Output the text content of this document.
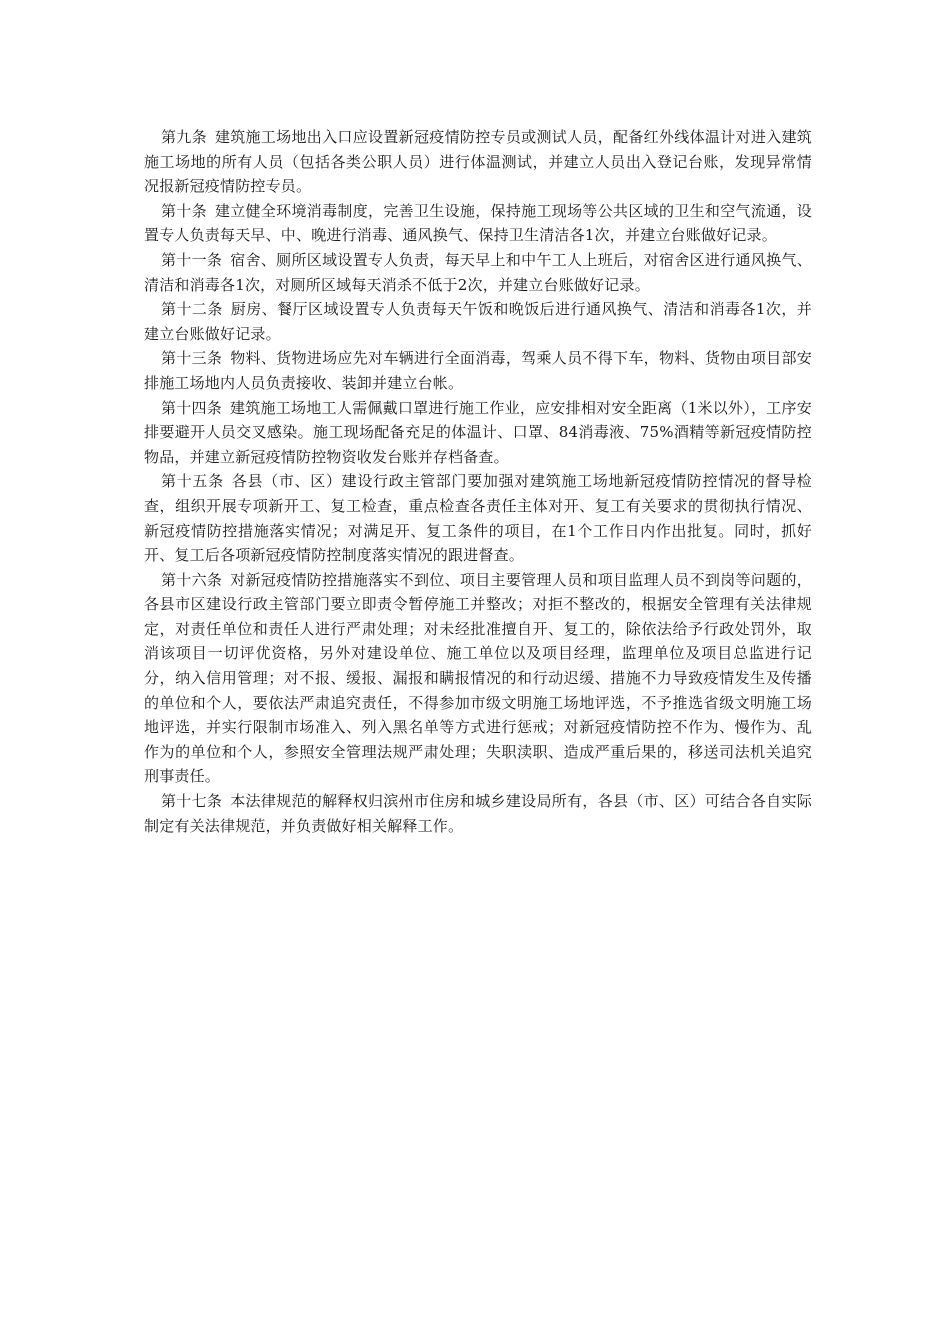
第九条 建筑施工场地出入口应设置新冠疫情防控专员或测试人员，配备红外线体温计对进入建筑施工场地的所有人员（包括各类公职人员）进行体温测试，并建立人员出入登记台账，发现异常情况报新冠疫情防控专员。

第十条 建立健全环境消毒制度，完善卫生设施，保持施工现场等公共区域的卫生和空气流通，设置专人负责每天早、中、晚进行消毒、通风换气、保持卫生清洁各1次，并建立台账做好记录。

第十一条 宿舍、厕所区域设置专人负责，每天早上和中午工人上班后，对宿舍区进行通风换气、清洁和消毒各1次，对厕所区域每天消杀不低于2次，并建立台账做好记录。

第十二条 厨房、餐厅区域设置专人负责每天午饭和晚饭后进行通风换气、清洁和消毒各1次，并建立台账做好记录。

第十三条 物料、货物进场应先对车辆进行全面消毒，驾乘人员不得下车，物料、货物由项目部安排施工场地内人员负责接收、装卸并建立台帐。

第十四条 建筑施工场地工人需佩戴口罩进行施工作业，应安排相对安全距离（1米以外），工序安排要避开人员交叉感染。施工现场配备充足的体温计、口罩、84消毒液、75%酒精等新冠疫情防控物品，并建立新冠疫情防控物资收发台账并存档备查。

第十五条 各县（市、区）建设行政主管部门要加强对建筑施工场地新冠疫情防控情况的督导检查，组织开展专项新开工、复工检查，重点检查各责任主体对开、复工有关要求的贯彻执行情况、新冠疫情防控措施落实情况；对满足开、复工条件的项目，在1个工作日内作出批复。同时，抓好开、复工后各项新冠疫情防控制度落实情况的跟进督查。

第十六条 对新冠疫情防控措施落实不到位、项目主要管理人员和项目监理人员不到岗等问题的，各县市区建设行政主管部门要立即责令暂停施工并整改；对拒不整改的，根据安全管理有关法律规定，对责任单位和责任人进行严肃处理；对未经批准擅自开、复工的，除依法给予行政处罚外，取消该项目一切评优资格，另外对建设单位、施工单位以及项目经理，监理单位及项目总监进行记分，纳入信用管理；对不报、缓报、漏报和瞒报情况的和行动迟缓、措施不力导致疫情发生及传播的单位和个人，要依法严肃追究责任，不得参加市级文明施工场地评选，不予推选省级文明施工场地评选，并实行限制市场准入、列入黑名单等方式进行惩戒；对新冠疫情防控不作为、慢作为、乱作为的单位和个人，参照安全管理法规严肃处理；失职渎职、造成严重后果的，移送司法机关追究刑事责任。

第十七条 本法律规范的解释权归滨州市住房和城乡建设局所有，各县（市、区）可结合各自实际制定有关法律规范，并负责做好相关解释工作。
